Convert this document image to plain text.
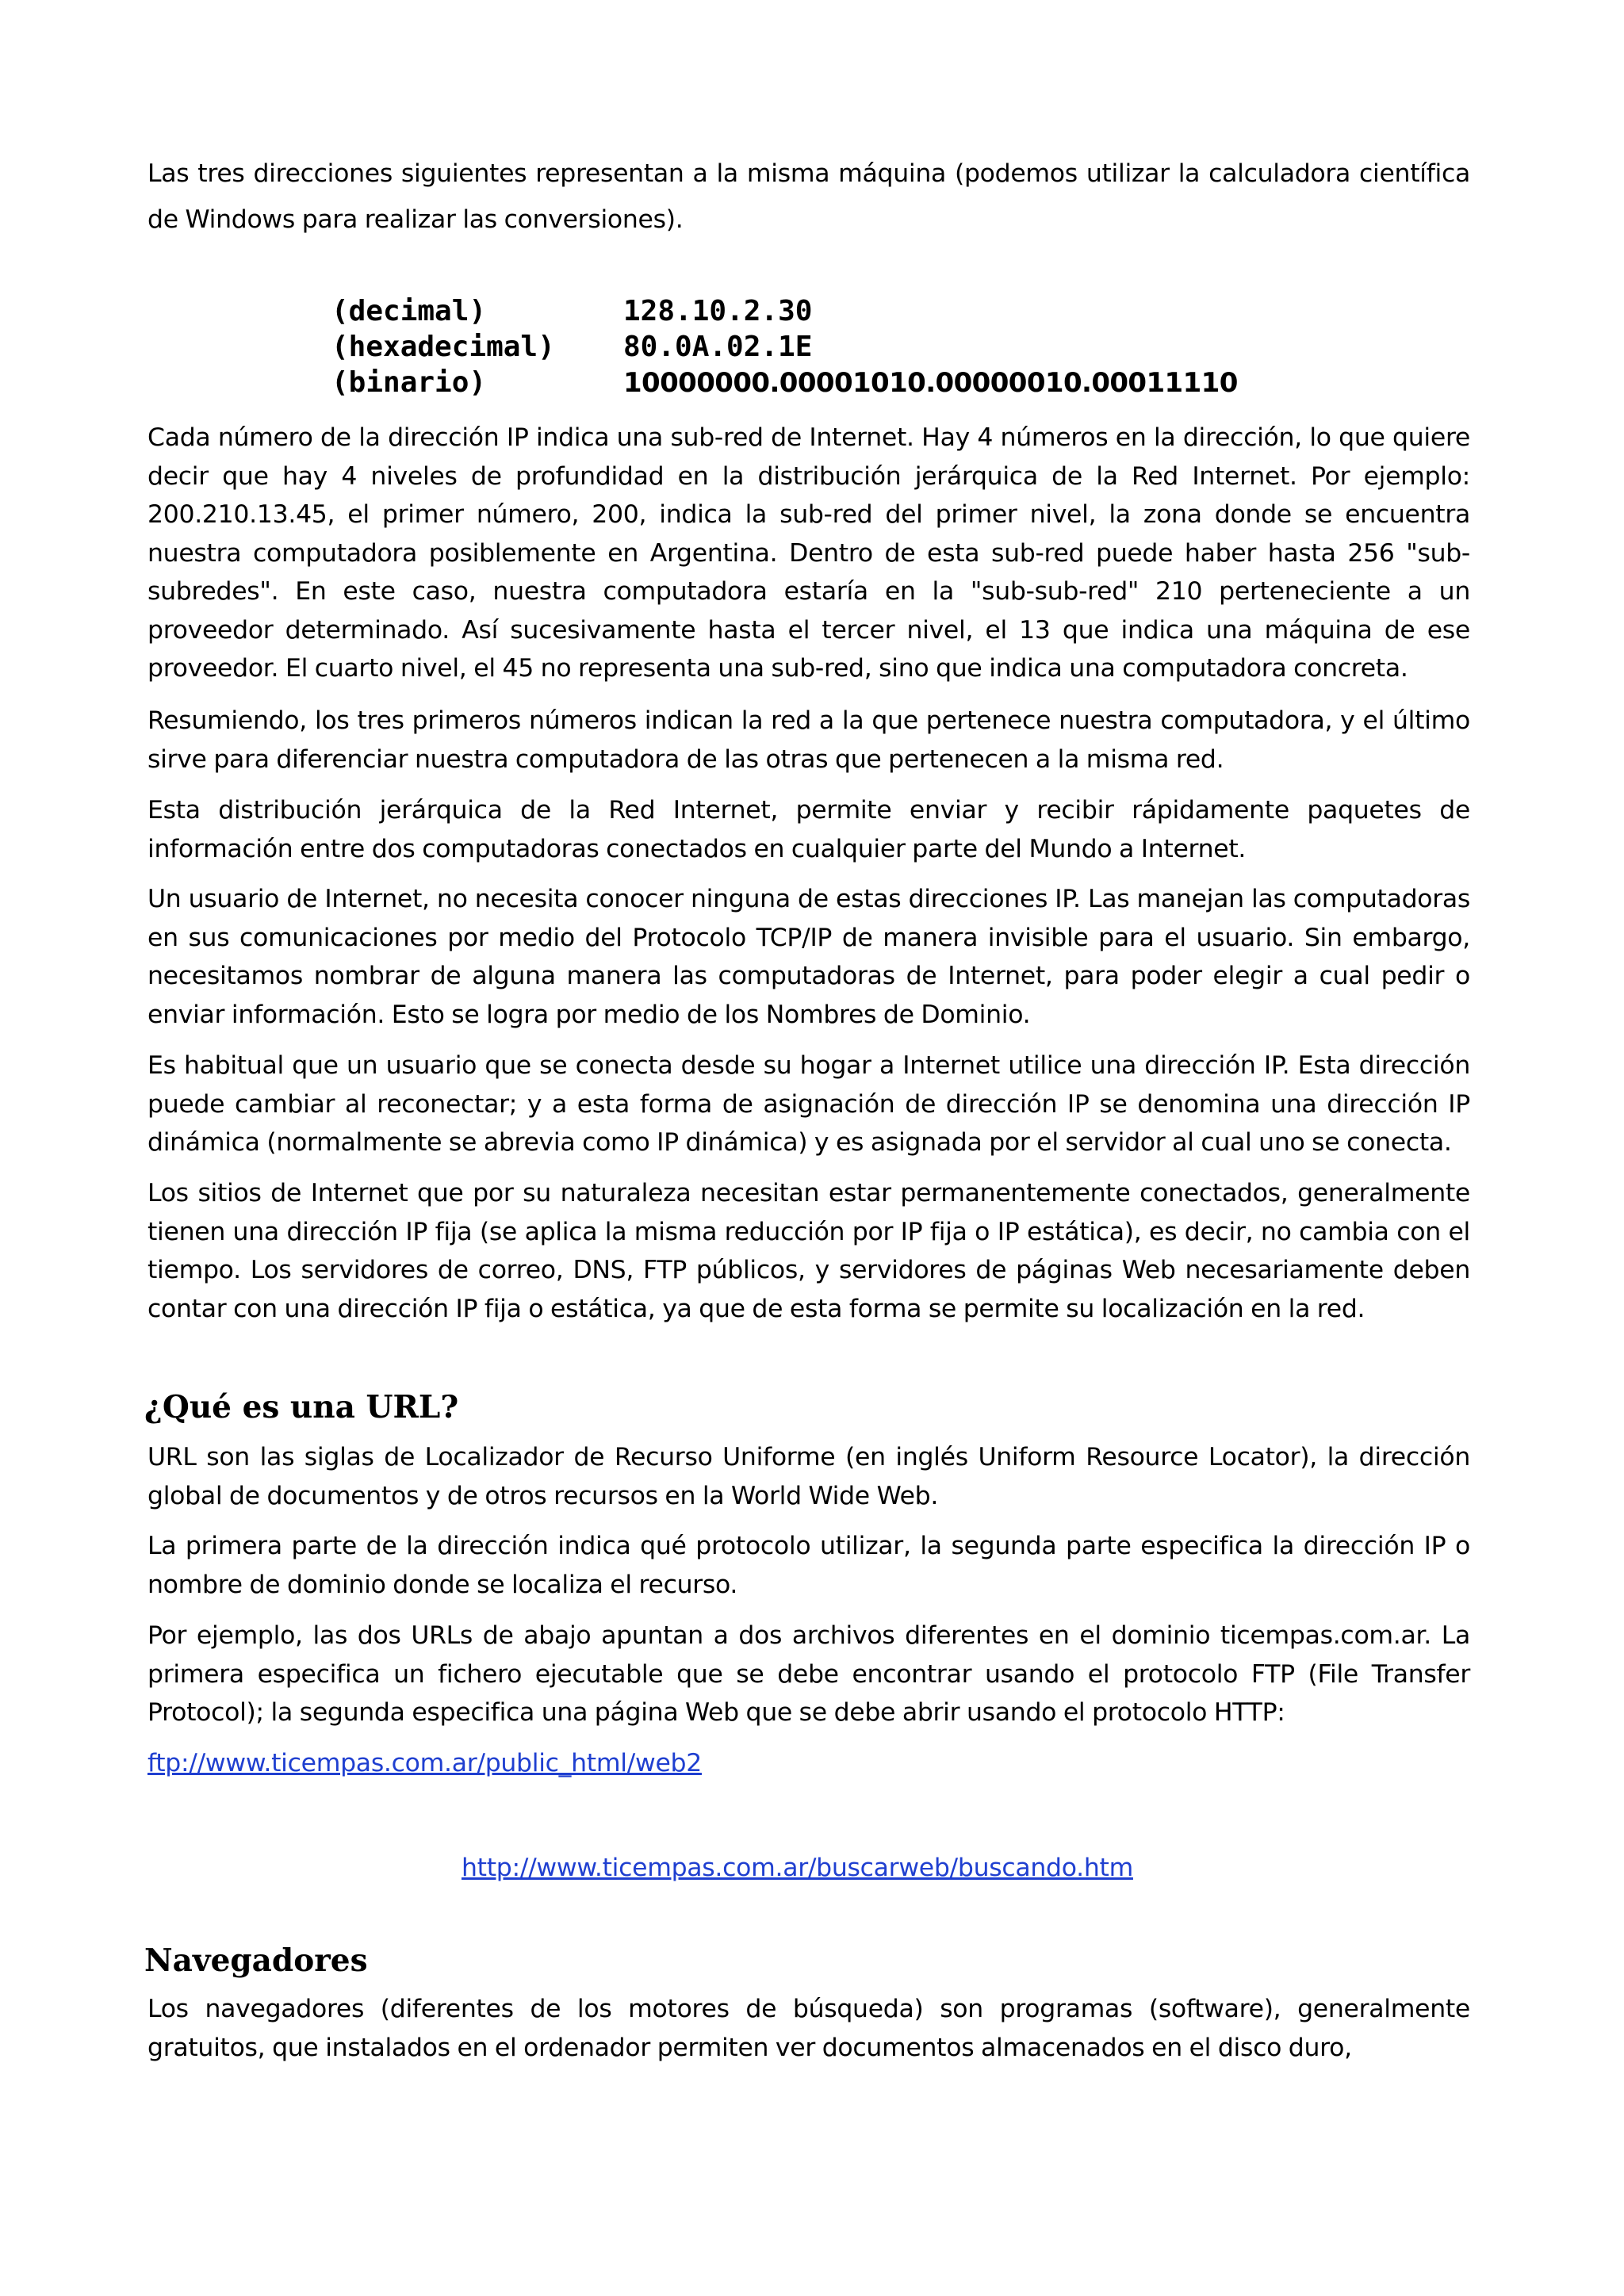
Las tres direcciones siguientes representan a la misma máquina (podemos utilizar la calculadora científica de Windows para realizar las conversiones).

(decimal)	128.10.2.30
(hexadecimal) 80.0A.02.1E
(binario)	10000000.00001010.00000010.00011110

Cada número de la dirección IP indica una sub-red de Internet. Hay 4 números en la dirección, lo que quiere decir que hay 4 niveles de profundidad en la distribución jerárquica de la Red Internet. Por ejemplo: 200.210.13.45, el primer número, 200, indica la sub-red del primer nivel, la zona donde se encuentra nuestra computadora posiblemente en Argentina. Dentro de esta sub-red puede haber hasta 256 "sub-subredes". En este caso, nuestra computadora estaría en la "sub-sub-red" 210 perteneciente a un proveedor determinado. Así sucesivamente hasta el tercer nivel, el 13 que indica una máquina de ese proveedor. El cuarto nivel, el 45 no representa una sub-red, sino que indica una computadora concreta.

Resumiendo, los tres primeros números indican la red a la que pertenece nuestra computadora, y el último sirve para diferenciar nuestra computadora de las otras que pertenecen a la misma red.

Esta distribución jerárquica de la Red Internet, permite enviar y recibir rápidamente paquetes de información entre dos computadoras conectados en cualquier parte del Mundo a Internet.

Un usuario de Internet, no necesita conocer ninguna de estas direcciones IP. Las manejan las computadoras en sus comunicaciones por medio del Protocolo TCP/IP de manera invisible para el usuario. Sin embargo, necesitamos nombrar de alguna manera las computadoras de Internet, para poder elegir a cual pedir o enviar información. Esto se logra por medio de los Nombres de Dominio.

Es habitual que un usuario que se conecta desde su hogar a Internet utilice una dirección IP. Esta dirección puede cambiar al reconectar; y a esta forma de asignación de dirección IP se denomina una dirección IP dinámica (normalmente se abrevia como IP dinámica) y es asignada por el servidor al cual uno se conecta.

Los sitios de Internet que por su naturaleza necesitan estar permanentemente conectados, generalmente tienen una dirección IP fija (se aplica la misma reducción por IP fija o IP estática), es decir, no cambia con el tiempo. Los servidores de correo, DNS, FTP públicos, y servidores de páginas Web necesariamente deben contar con una dirección IP fija o estática, ya que de esta forma se permite su localización en la red.

¿Qué es una URL?

URL son las siglas de Localizador de Recurso Uniforme (en inglés Uniform Resource Locator), la dirección global de documentos y de otros recursos en la World Wide Web.

La primera parte de la dirección indica qué protocolo utilizar, la segunda parte especifica la dirección IP o nombre de dominio donde se localiza el recurso.

Por ejemplo, las dos URLs de abajo apuntan a dos archivos diferentes en el dominio ticempas.com.ar. La primera especifica un fichero ejecutable que se debe encontrar usando el protocolo FTP (File Transfer Protocol); la segunda especifica una página Web que se debe abrir usando el protocolo HTTP:

ftp://www.ticempas.com.ar/public_html/web2
http://www.ticempas.com.ar/buscarweb/buscando.htm
Navegadores

Los navegadores (diferentes de los motores de búsqueda) son programas (software), generalmente gratuitos, que instalados en el ordenador permiten ver documentos almacenados en el disco duro,
